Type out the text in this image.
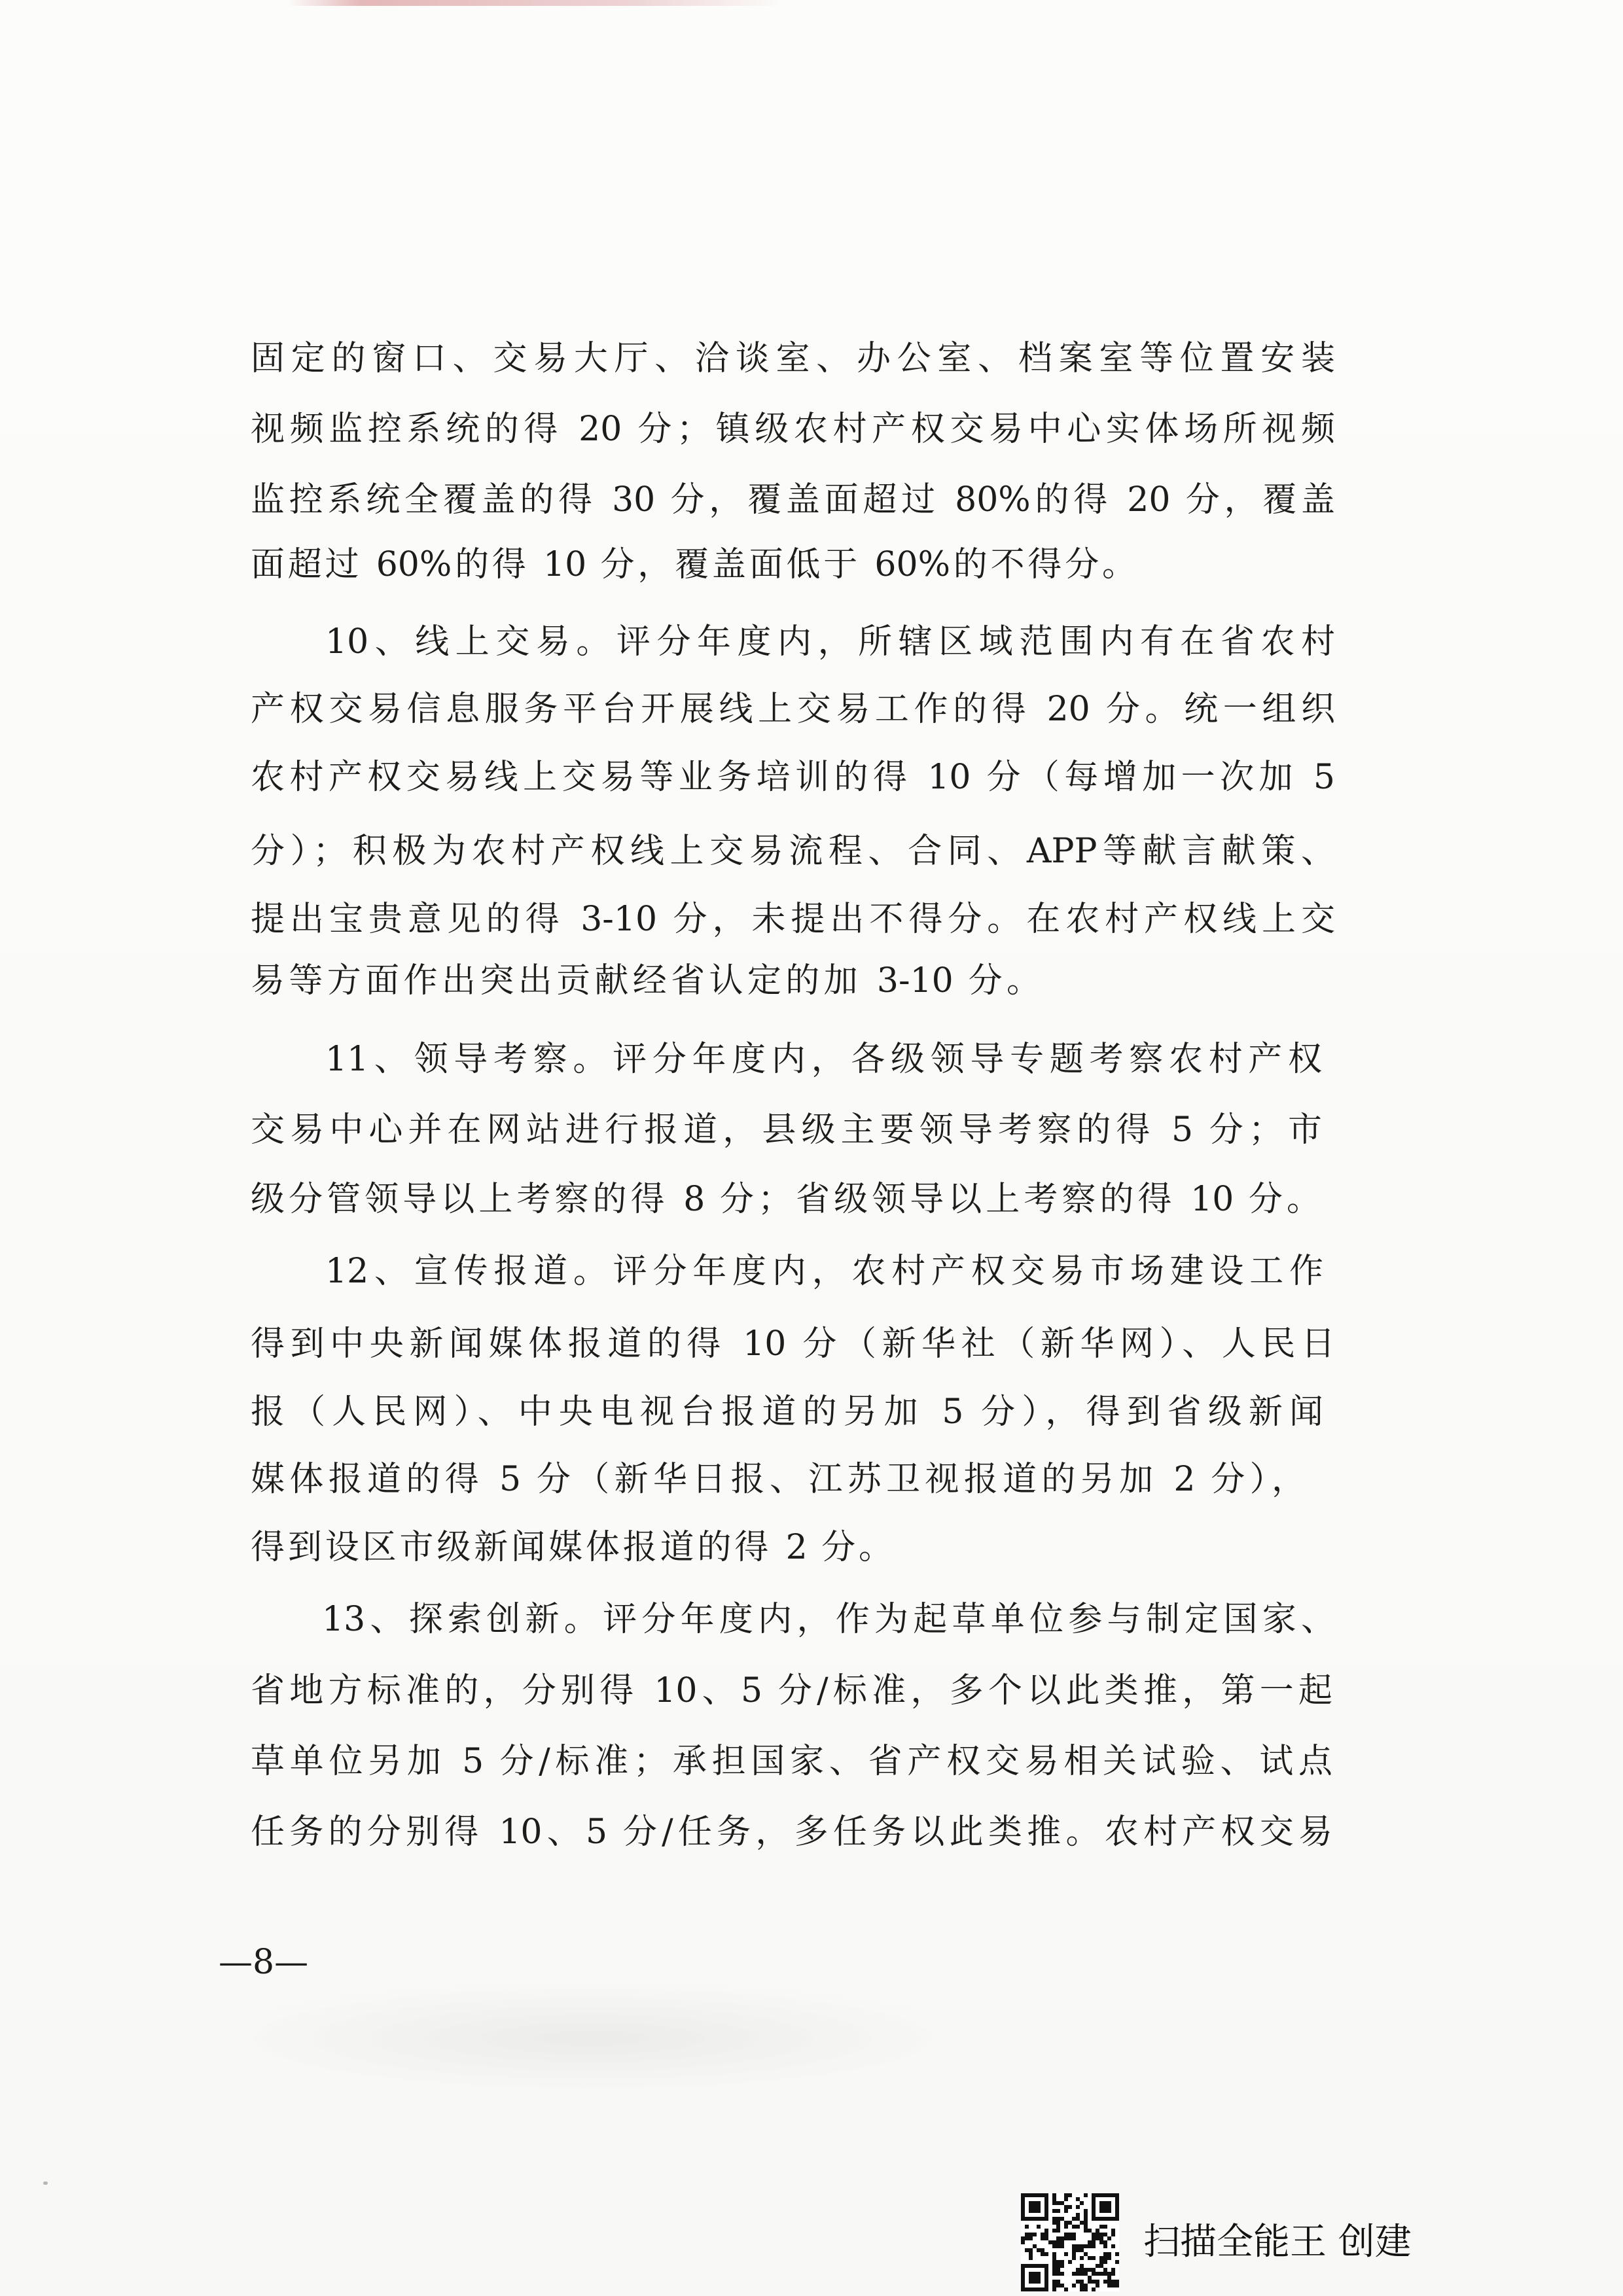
固定的窗口、交易大厅、洽谈室、办公室、档案室等位置安装
视频监控系统的得 20 分；镇级农村产权交易中心实体场所视频
监控系统全覆盖的得 30 分，覆盖面超过 80%的得 20 分，覆盖
面超过 60%的得 10 分，覆盖面低于 60%的不得分。
10、线上交易。评分年度内，所辖区域范围内有在省农村
产权交易信息服务平台开展线上交易工作的得 20 分。统一组织
农村产权交易线上交易等业务培训的得 10 分（每增加一次加 5
分）；积极为农村产权线上交易流程、合同、APP等献言献策、
提出宝贵意见的得 3-10 分，未提出不得分。在农村产权线上交
易等方面作出突出贡献经省认定的加 3-10 分。
11、领导考察。评分年度内，各级领导专题考察农村产权
交易中心并在网站进行报道，县级主要领导考察的得 5 分；市
级分管领导以上考察的得 8 分；省级领导以上考察的得 10 分。
12、宣传报道。评分年度内，农村产权交易市场建设工作
得到中央新闻媒体报道的得 10 分（新华社（新华网）、人民日
报（人民网）、中央电视台报道的另加 5 分），得到省级新闻
媒体报道的得 5 分（新华日报、江苏卫视报道的另加 2 分），
得到设区市级新闻媒体报道的得 2 分。
13、探索创新。评分年度内，作为起草单位参与制定国家、
省地方标准的，分别得 10、5 分/标准，多个以此类推，第一起
草单位另加 5 分/标准；承担国家、省产权交易相关试验、试点
任务的分别得 10、5 分/任务，多任务以此类推。农村产权交易
—8—
扫描全能王 创建
